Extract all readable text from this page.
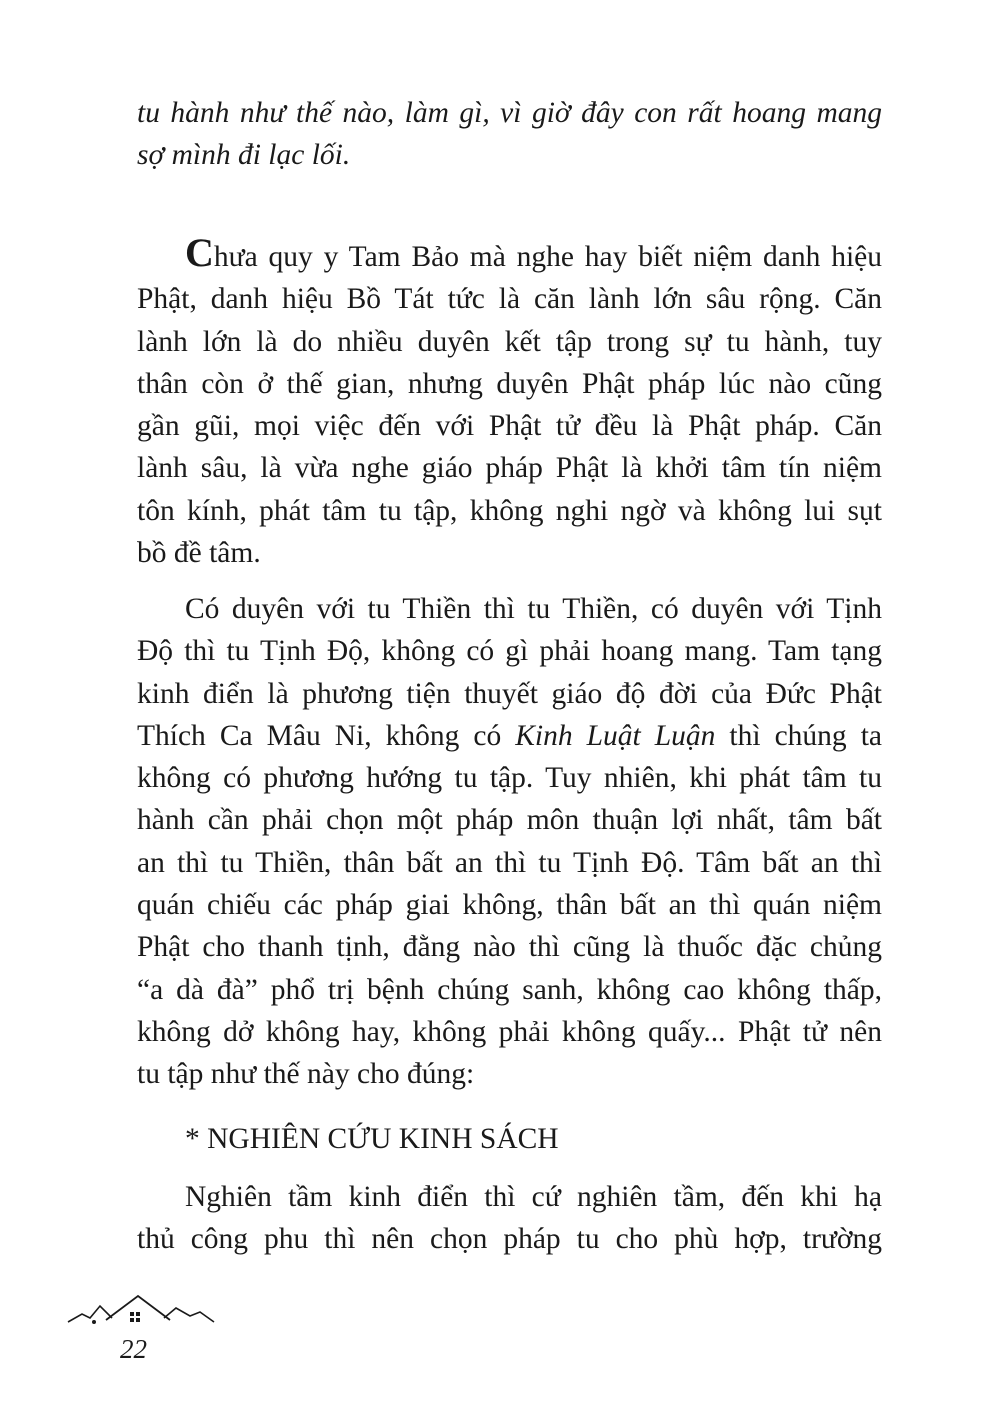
tu hành như thế nào, làm gì, vì giờ đây con rất hoang mang
sợ mình đi lạc lối.
Chưa quy y Tam Bảo mà nghe hay biết niệm danh hiệu
Phật, danh hiệu Bồ Tát tức là căn lành lớn sâu rộng. Căn
lành lớn là do nhiều duyên kết tập trong sự tu hành, tuy
thân còn ở thế gian, nhưng duyên Phật pháp lúc nào cũng
gần gũi, mọi việc đến với Phật tử đều là Phật pháp. Căn
lành sâu, là vừa nghe giáo pháp Phật là khởi tâm tín niệm
tôn kính, phát tâm tu tập, không nghi ngờ và không lui sụt
bồ đề tâm.
Có duyên với tu Thiền thì tu Thiền, có duyên với Tịnh
Độ thì tu Tịnh Độ, không có gì phải hoang mang. Tam tạng
kinh điển là phương tiện thuyết giáo độ đời của Đức Phật
Thích Ca Mâu Ni, không có Kinh Luật Luận thì chúng ta
không có phương hướng tu tập. Tuy nhiên, khi phát tâm tu
hành cần phải chọn một pháp môn thuận lợi nhất, tâm bất
an thì tu Thiền, thân bất an thì tu Tịnh Độ. Tâm bất an thì
quán chiếu các pháp giai không, thân bất an thì quán niệm
Phật cho thanh tịnh, đằng nào thì cũng là thuốc đặc chủng
“a dà đà” phổ trị bệnh chúng sanh, không cao không thấp,
không dở không hay, không phải không quấy... Phật tử nên
tu tập như thế này cho đúng:
* NGHIÊN CỨU KINH SÁCH
Nghiên tầm kinh điển thì cứ nghiên tầm, đến khi hạ
thủ công phu thì nên chọn pháp tu cho phù hợp, trường
22
